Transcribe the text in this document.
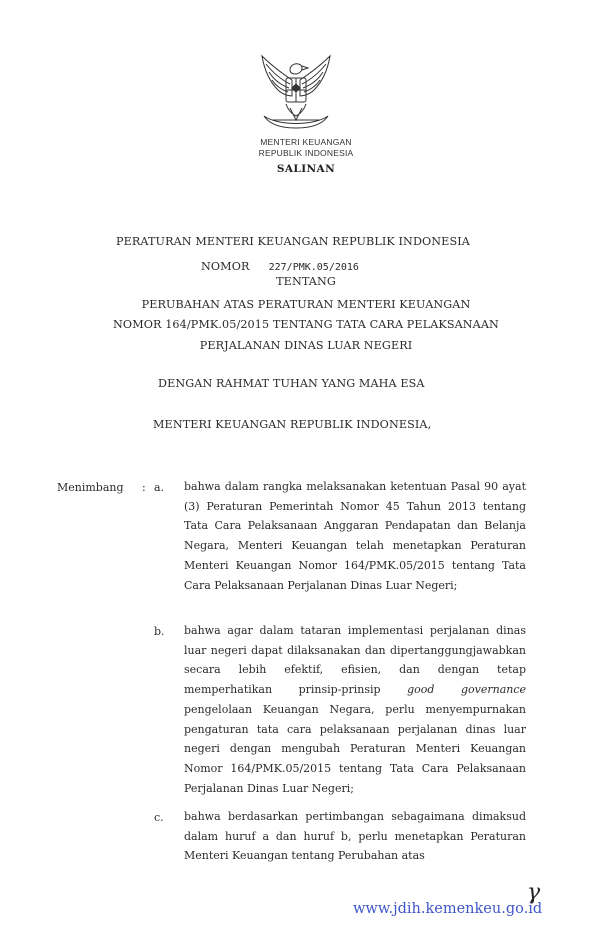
MENTERI KEUANGAN
REPUBLIK INDONESIA
SALINAN
PERATURAN MENTERI KEUANGAN REPUBLIK INDONESIA
NOMOR 227/PMK.05/2016
TENTANG
PERUBAHAN ATAS PERATURAN MENTERI KEUANGAN
NOMOR 164/PMK.05/2015 TENTANG TATA CARA PELAKSANAAN
PERJALANAN DINAS LUAR NEGERI
DENGAN RAHMAT TUHAN YANG MAHA ESA
MENTERI KEUANGAN REPUBLIK INDONESIA,
Menimbang : a. bahwa dalam rangka melaksanakan ketentuan Pasal 90 ayat (3) Peraturan Pemerintah Nomor 45 Tahun 2013 tentang Tata Cara Pelaksanaan Anggaran Pendapatan dan Belanja Negara, Menteri Keuangan telah menetapkan Peraturan Menteri Keuangan Nomor 164/PMK.05/2015 tentang Tata Cara Pelaksanaan Perjalanan Dinas Luar Negeri;
b. bahwa agar dalam tataran implementasi perjalanan dinas luar negeri dapat dilaksanakan dan dipertanggungjawabkan secara lebih efektif, efisien, dan dengan tetap memperhatikan prinsip-prinsip good governance pengelolaan Keuangan Negara, perlu menyempurnakan pengaturan tata cara pelaksanaan perjalanan dinas luar negeri dengan mengubah Peraturan Menteri Keuangan Nomor 164/PMK.05/2015 tentang Tata Cara Pelaksanaan Perjalanan Dinas Luar Negeri;
c. bahwa berdasarkan pertimbangan sebagaimana dimaksud dalam huruf a dan huruf b, perlu menetapkan Peraturan Menteri Keuangan tentang Perubahan atas
γ
www.jdih.kemenkeu.go.id
